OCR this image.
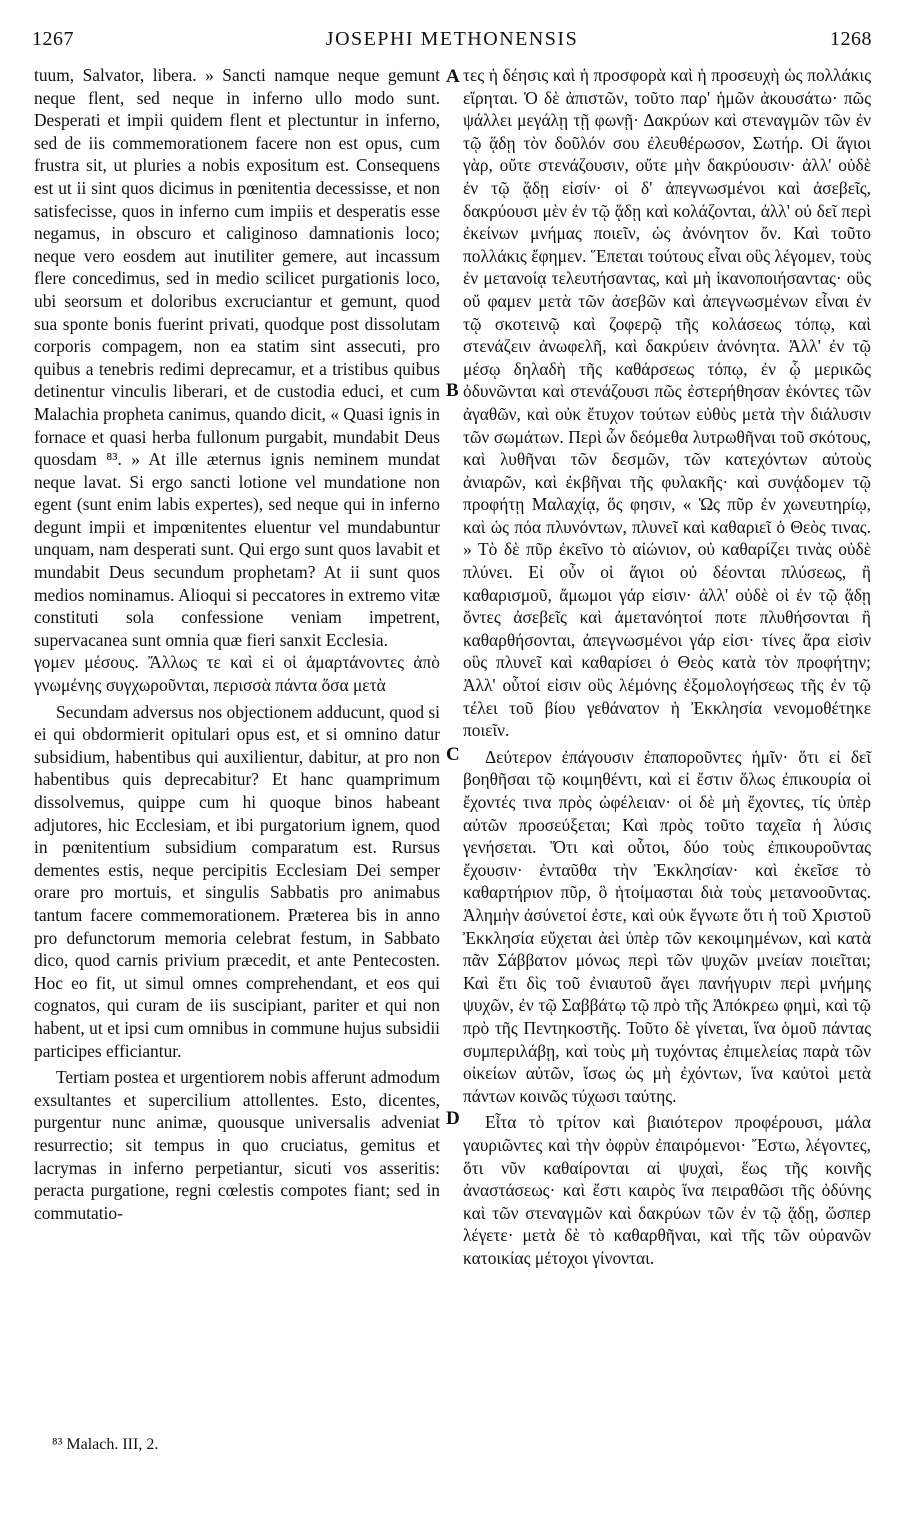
1267	JOSEPHI METHONENSIS	1268

tuum, Salvator, libera. » Sancti namque neque gemunt neque flent, sed neque in inferno ullo modo sunt. Desperati et impii quidem flent et plectuntur in inferno, sed de iis commemorationem facere non est opus, cum frustra sit, ut pluries a nobis expositum est. Consequens est ut ii sint quos dicimus in pœnitentia decessisse, et non satisfecisse, quos in inferno cum impiis et desperatis esse negamus, in obscuro et caliginoso damnationis loco; neque vero eosdem aut inutiliter gemere, aut incassum flere concedimus, sed in medio scilicet purgationis loco, ubi seorsum et doloribus excruciantur et gemunt, quod sua sponte bonis fuerint privati, quodque post dissolutam corporis compagem, non ea statim sint assecuti, pro quibus a tenebris redimi deprecamur, et a tristibus quibus detinentur vinculis liberari, et de custodia educi, et cum Malachia propheta canimus, quando dicit, « Quasi ignis in fornace et quasi herba fullonum purgabit, mundabit Deus quosdam ⁸³. » At ille æternus ignis neminem mundat neque lavat. Si ergo sancti lotione vel mundatione non egent (sunt enim labis expertes), sed neque qui in inferno degunt impii et impœnitentes eluentur vel mundabuntur unquam, nam desperati sunt. Qui ergo sunt quos lavabit et mundabit Deus secundum prophetam? At ii sunt quos medios nominamus. Alioqui si peccatores in extremo vitæ constituti sola confessione veniam impetrent, supervacanea sunt omnia quæ fieri sanxit Ecclesia.

γομεν μέσους. Ἄλλως τε καὶ εἰ οἱ ἁμαρτάνοντες ἀπὸ γνωμένης συγχωροῦνται, περισσὰ πάντα ὅσα μετὰ

Secundam adversus nos objectionem adducunt, quod si ei qui obdormierit opitulari opus est, et si omnino datur subsidium, habentibus qui auxilientur, dabitur, at pro non habentibus quis deprecabitur? Et hanc quamprimum dissolvemus, quippe cum hi quoque binos habeant adjutores, hic Ecclesiam, et ibi purgatorium ignem, quod in pœnitentium subsidium comparatum est. Rursus dementes estis, neque percipitis Ecclesiam Dei semper orare pro mortuis, et singulis Sabbatis pro animabus tantum facere commemorationem. Præterea bis in anno pro defunctorum memoria celebrat festum, in Sabbato dico, quod carnis privium præcedit, et ante Pentecosten. Hoc eo fit, ut simul omnes comprehendant, et eos qui cognatos, qui curam de iis suscipiant, pariter et qui non habent, ut et ipsi cum omnibus in commune hujus subsidii participes efficiantur.

Tertiam postea et urgentiorem nobis afferunt admodum exsultantes et supercilium attollentes. Esto, dicentes, purgentur nunc animæ, quousque universalis adveniat resurrectio; sit tempus in quo cruciatus, gemitus et lacrymas in inferno perpetiantur, sicuti vos asseritis: peracta purgatione, regni cœlestis compotes fiant; sed in commutatio-

τες ἡ δέησις καὶ ἡ προσφορὰ καὶ ἡ προσευχὴ ὡς πολλάκις εἴρηται. Ὁ δὲ ἀπιστῶν, τοῦτο παρ' ἡμῶν ἀκουσάτω· πῶς ψάλλει μεγάλῃ τῇ φωνῇ· Δακρύων καὶ στεναγμῶν τῶν ἐν τῷ ᾅδῃ τὸν δοῦλόν σου ἐλευθέρωσον, Σωτήρ. Οἱ ἅγιοι γὰρ, οὔτε στενάζουσιν, οὔτε μὴν δακρύουσιν· ἀλλ' οὐδὲ ἐν τῷ ᾅδῃ εἰσίν· οἱ δ' ἀπεγνωσμένοι καὶ ἀσεβεῖς, δακρύουσι μὲν ἐν τῷ ᾅδῃ καὶ κολάζονται, ἀλλ' οὐ δεῖ περὶ ἐκείνων μνήμας ποιεῖν, ὡς ἀνόνητον ὄν. Καὶ τοῦτο πολλάκις ἔφημεν. Ἕπεται τούτους εἶναι οὓς λέγομεν, τοὺς ἐν μετανοίᾳ τελευτήσαντας, καὶ μὴ ἱκανοποιήσαντας· οὓς οὔ φαμεν μετὰ τῶν ἀσεβῶν καὶ ἀπεγνωσμένων εἶναι ἐν τῷ σκοτεινῷ καὶ ζοφερῷ τῆς κολάσεως τόπῳ, καὶ στενάζειν ἀνωφελῆ, καὶ δακρύειν ἀνόνητα. Ἀλλ' ἐν τῷ μέσῳ δηλαδὴ τῆς καθάρσεως τόπῳ, ἐν ᾧ μερικῶς ὀδυνῶνται καὶ στενάζουσι πῶς ἐστερήθησαν ἑκόντες τῶν ἀγαθῶν, καὶ οὐκ ἔτυχον τούτων εὐθὺς μετὰ τὴν διάλυσιν τῶν σωμάτων. Περὶ ὧν δεόμεθα λυτρωθῆναι τοῦ σκότους, καὶ λυθῆναι τῶν δεσμῶν, τῶν κατεχόντων αὐτοὺς ἀνιαρῶν, καὶ ἐκβῆναι τῆς φυλακῆς· καὶ συνᾴδομεν τῷ προφήτῃ Μαλαχίᾳ, ὅς φησιν, « Ὡς πῦρ ἐν χωνευτηρίῳ, καὶ ὡς πόα πλυνόντων, πλυνεῖ καὶ καθαριεῖ ὁ Θεὸς τινας. » Τὸ δὲ πῦρ ἐκεῖνο τὸ αἰώνιον, οὐ καθαρίζει τινὰς οὐδὲ πλύνει. Εἰ οὖν οἱ ἅγιοι οὐ δέονται πλύσεως, ἢ καθαρισμοῦ, ἄμωμοι γάρ εἰσιν· ἀλλ' οὐδὲ οἱ ἐν τῷ ᾅδῃ ὄντες ἀσεβεῖς καὶ ἀμετανόητοί ποτε πλυθήσονται ἢ καθαρθήσονται, ἀπεγνωσμένοι γάρ εἰσι· τίνες ἄρα εἰσὶν οὓς πλυνεῖ καὶ καθαρίσει ὁ Θεὸς κατὰ τὸν προφήτην; Ἀλλ' οὗτοί εἰσιν οὓς λέμόνης ἐξομολογήσεως τῆς ἐν τῷ τέλει τοῦ βίου γεθάνατον ἡ Ἐκκλησία νενομοθέτηκε ποιεῖν.

Δεύτερον ἐπάγουσιν ἐπαποροῦντες ἡμῖν· ὅτι εἰ δεῖ βοηθῆσαι τῷ κοιμηθέντι, καὶ εἰ ἔστιν ὅλως ἐπικουρία οἱ ἔχοντές τινα πρὸς ὠφέλειαν· οἱ δὲ μὴ ἔχοντες, τίς ὑπὲρ αὐτῶν προσεύξεται; Καὶ πρὸς τοῦτο ταχεῖα ἡ λύσις γενήσεται. Ὅτι καὶ οὗτοι, δύο τοὺς ἐπικουροῦντας ἔχουσιν· ἐνταῦθα τὴν Ἐκκλησίαν· καὶ ἐκεῖσε τὸ καθαρτήριον πῦρ, ὃ ἡτοίμασται διὰ τοὺς μετανοοῦντας. Ἀλημὴν ἀσύνετοί ἐστε, καὶ οὐκ ἔγνωτε ὅτι ἡ τοῦ Χριστοῦ Ἐκκλησία εὔχεται ἀεὶ ὑπὲρ τῶν κεκοιμημένων, καὶ κατὰ πᾶν Σάββατον μόνως περὶ τῶν ψυχῶν μνείαν ποιεῖται; Καὶ ἔτι δὶς τοῦ ἐνιαυτοῦ ἄγει πανήγυριν περὶ μνήμης ψυχῶν, ἐν τῷ Σαββάτῳ τῷ πρὸ τῆς Ἀπόκρεω φημὶ, καὶ τῷ πρὸ τῆς Πεντηκοστῆς. Τοῦτο δὲ γίνεται, ἵνα ὁμοῦ πάντας συμπεριλάβῃ, καὶ τοὺς μὴ τυχόντας ἐπιμελείας παρὰ τῶν οἰκείων αὐτῶν, ἴσως ὡς μὴ ἐχόντων, ἵνα καὐτοὶ μετὰ πάντων κοινῶς τύχωσι ταύτης.

Εἶτα τὸ τρίτον καὶ βιαιότερον προφέρουσι, μάλα γαυριῶντες καὶ τὴν ὀφρὺν ἐπαιρόμενοι· Ἔστω, λέγοντες, ὅτι νῦν καθαίρονται αἱ ψυχαὶ, ἕως τῆς κοινῆς ἀναστάσεως· καὶ ἔστι καιρὸς ἵνα πειραθῶσι τῆς ὀδύνης καὶ τῶν στεναγμῶν καὶ δακρύων τῶν ἐν τῷ ᾅδῃ, ὥσπερ λέγετε· μετὰ δὲ τὸ καθαρθῆναι, καὶ τῆς τῶν οὐρανῶν κατοικίας μέτοχοι γίνονται.

A
B
C
D
⁸³ Malach. III, 2.
